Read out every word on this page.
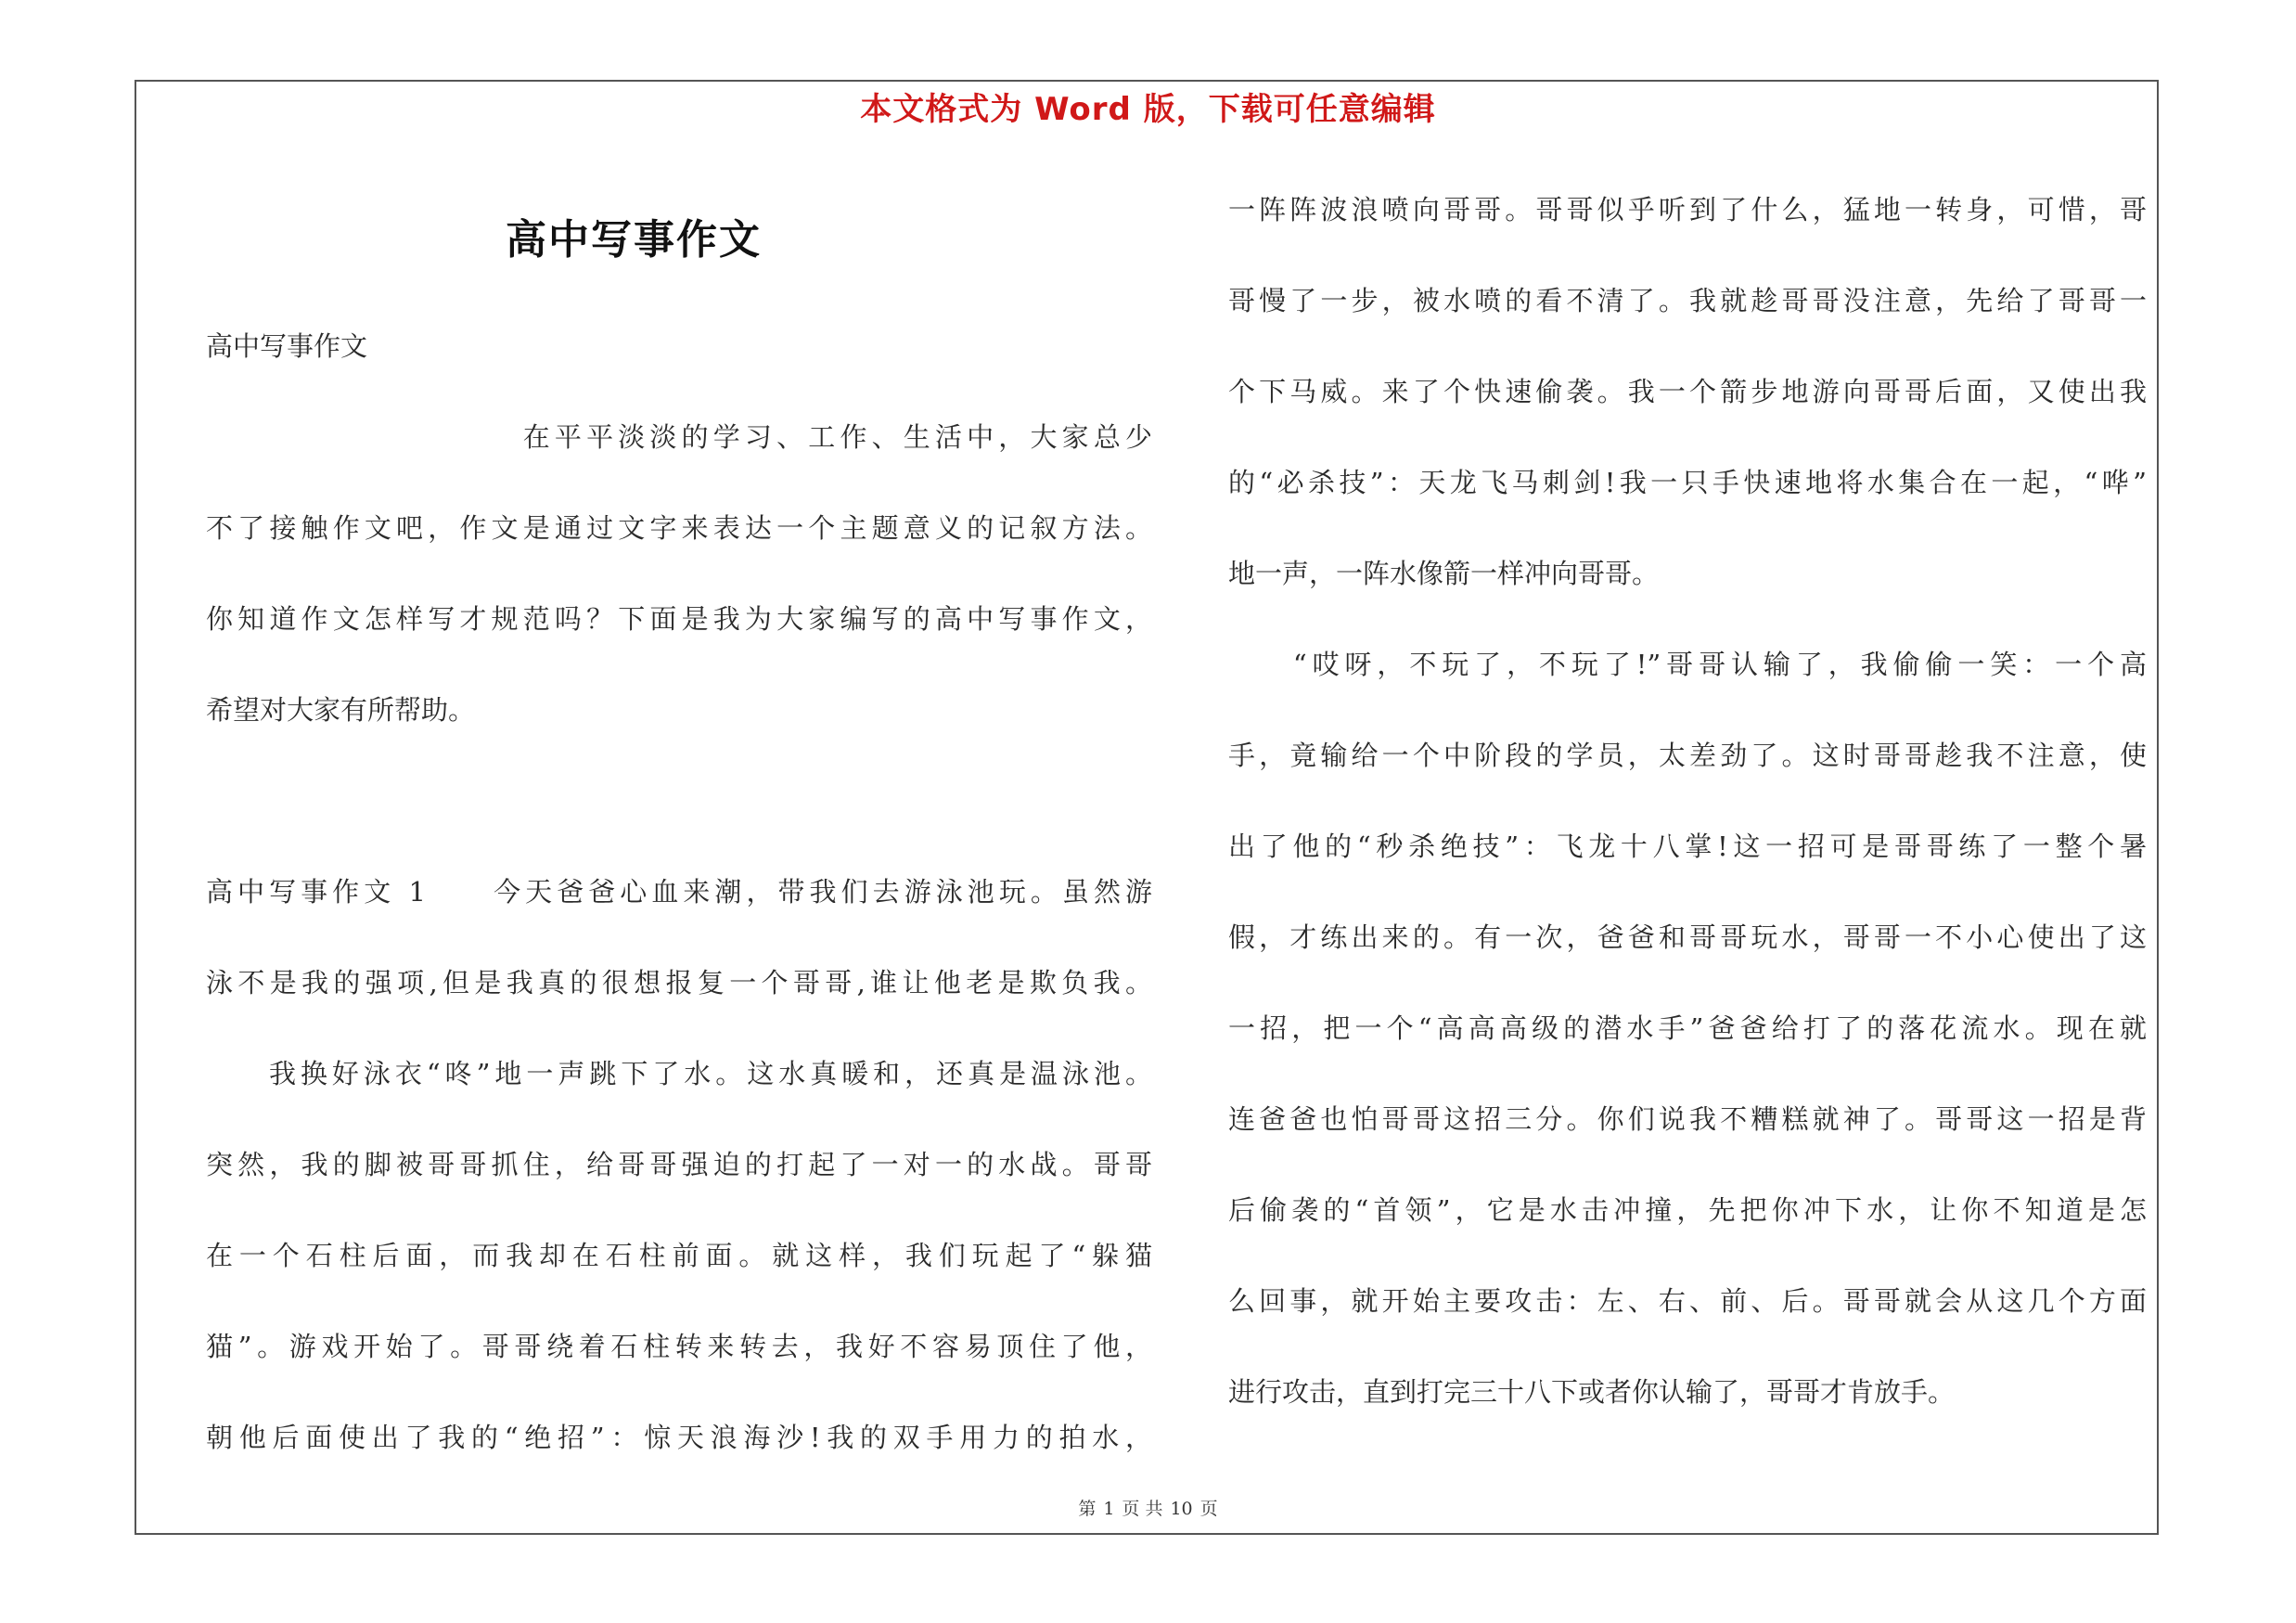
本文格式为 Word 版，下载可任意编辑
高中写事作文
高中写事作文
　　　　　　　　　　在平平淡淡的学习、工作、生活中，大家总少
不了接触作文吧，作文是通过文字来表达一个主题意义的记叙方法。
你知道作文怎样写才规范吗？下面是我为大家编写的高中写事作文，
希望对大家有所帮助。
高中写事作文 1　　今天爸爸心血来潮，带我们去游泳池玩。虽然游
泳不是我的强项,但是我真的很想报复一个哥哥,谁让他老是欺负我。
　　我换好泳衣“咚”地一声跳下了水。这水真暖和，还真是温泳池。
突然，我的脚被哥哥抓住，给哥哥强迫的打起了一对一的水战。哥哥
在一个石柱后面，而我却在石柱前面。就这样，我们玩起了“躲猫
猫”。游戏开始了。哥哥绕着石柱转来转去，我好不容易顶住了他，
朝他后面使出了我的“绝招”：惊天浪海沙!我的双手用力的拍水，
一阵阵波浪喷向哥哥。哥哥似乎听到了什么，猛地一转身，可惜，哥
哥慢了一步，被水喷的看不清了。我就趁哥哥没注意，先给了哥哥一
个下马威。来了个快速偷袭。我一个箭步地游向哥哥后面，又使出我
的“必杀技”：天龙飞马刺剑!我一只手快速地将水集合在一起，“哗”
地一声，一阵水像箭一样冲向哥哥。
　　“哎呀，不玩了，不玩了!”哥哥认输了，我偷偷一笑：一个高
手，竟输给一个中阶段的学员，太差劲了。这时哥哥趁我不注意，使
出了他的“秒杀绝技”：飞龙十八掌!这一招可是哥哥练了一整个暑
假，才练出来的。有一次，爸爸和哥哥玩水，哥哥一不小心使出了这
一招，把一个“高高高级的潜水手”爸爸给打了的落花流水。现在就
连爸爸也怕哥哥这招三分。你们说我不糟糕就神了。哥哥这一招是背
后偷袭的“首领”，它是水击冲撞，先把你冲下水，让你不知道是怎
么回事，就开始主要攻击：左、右、前、后。哥哥就会从这几个方面
进行攻击，直到打完三十八下或者你认输了，哥哥才肯放手。
第 1 页 共 10 页
